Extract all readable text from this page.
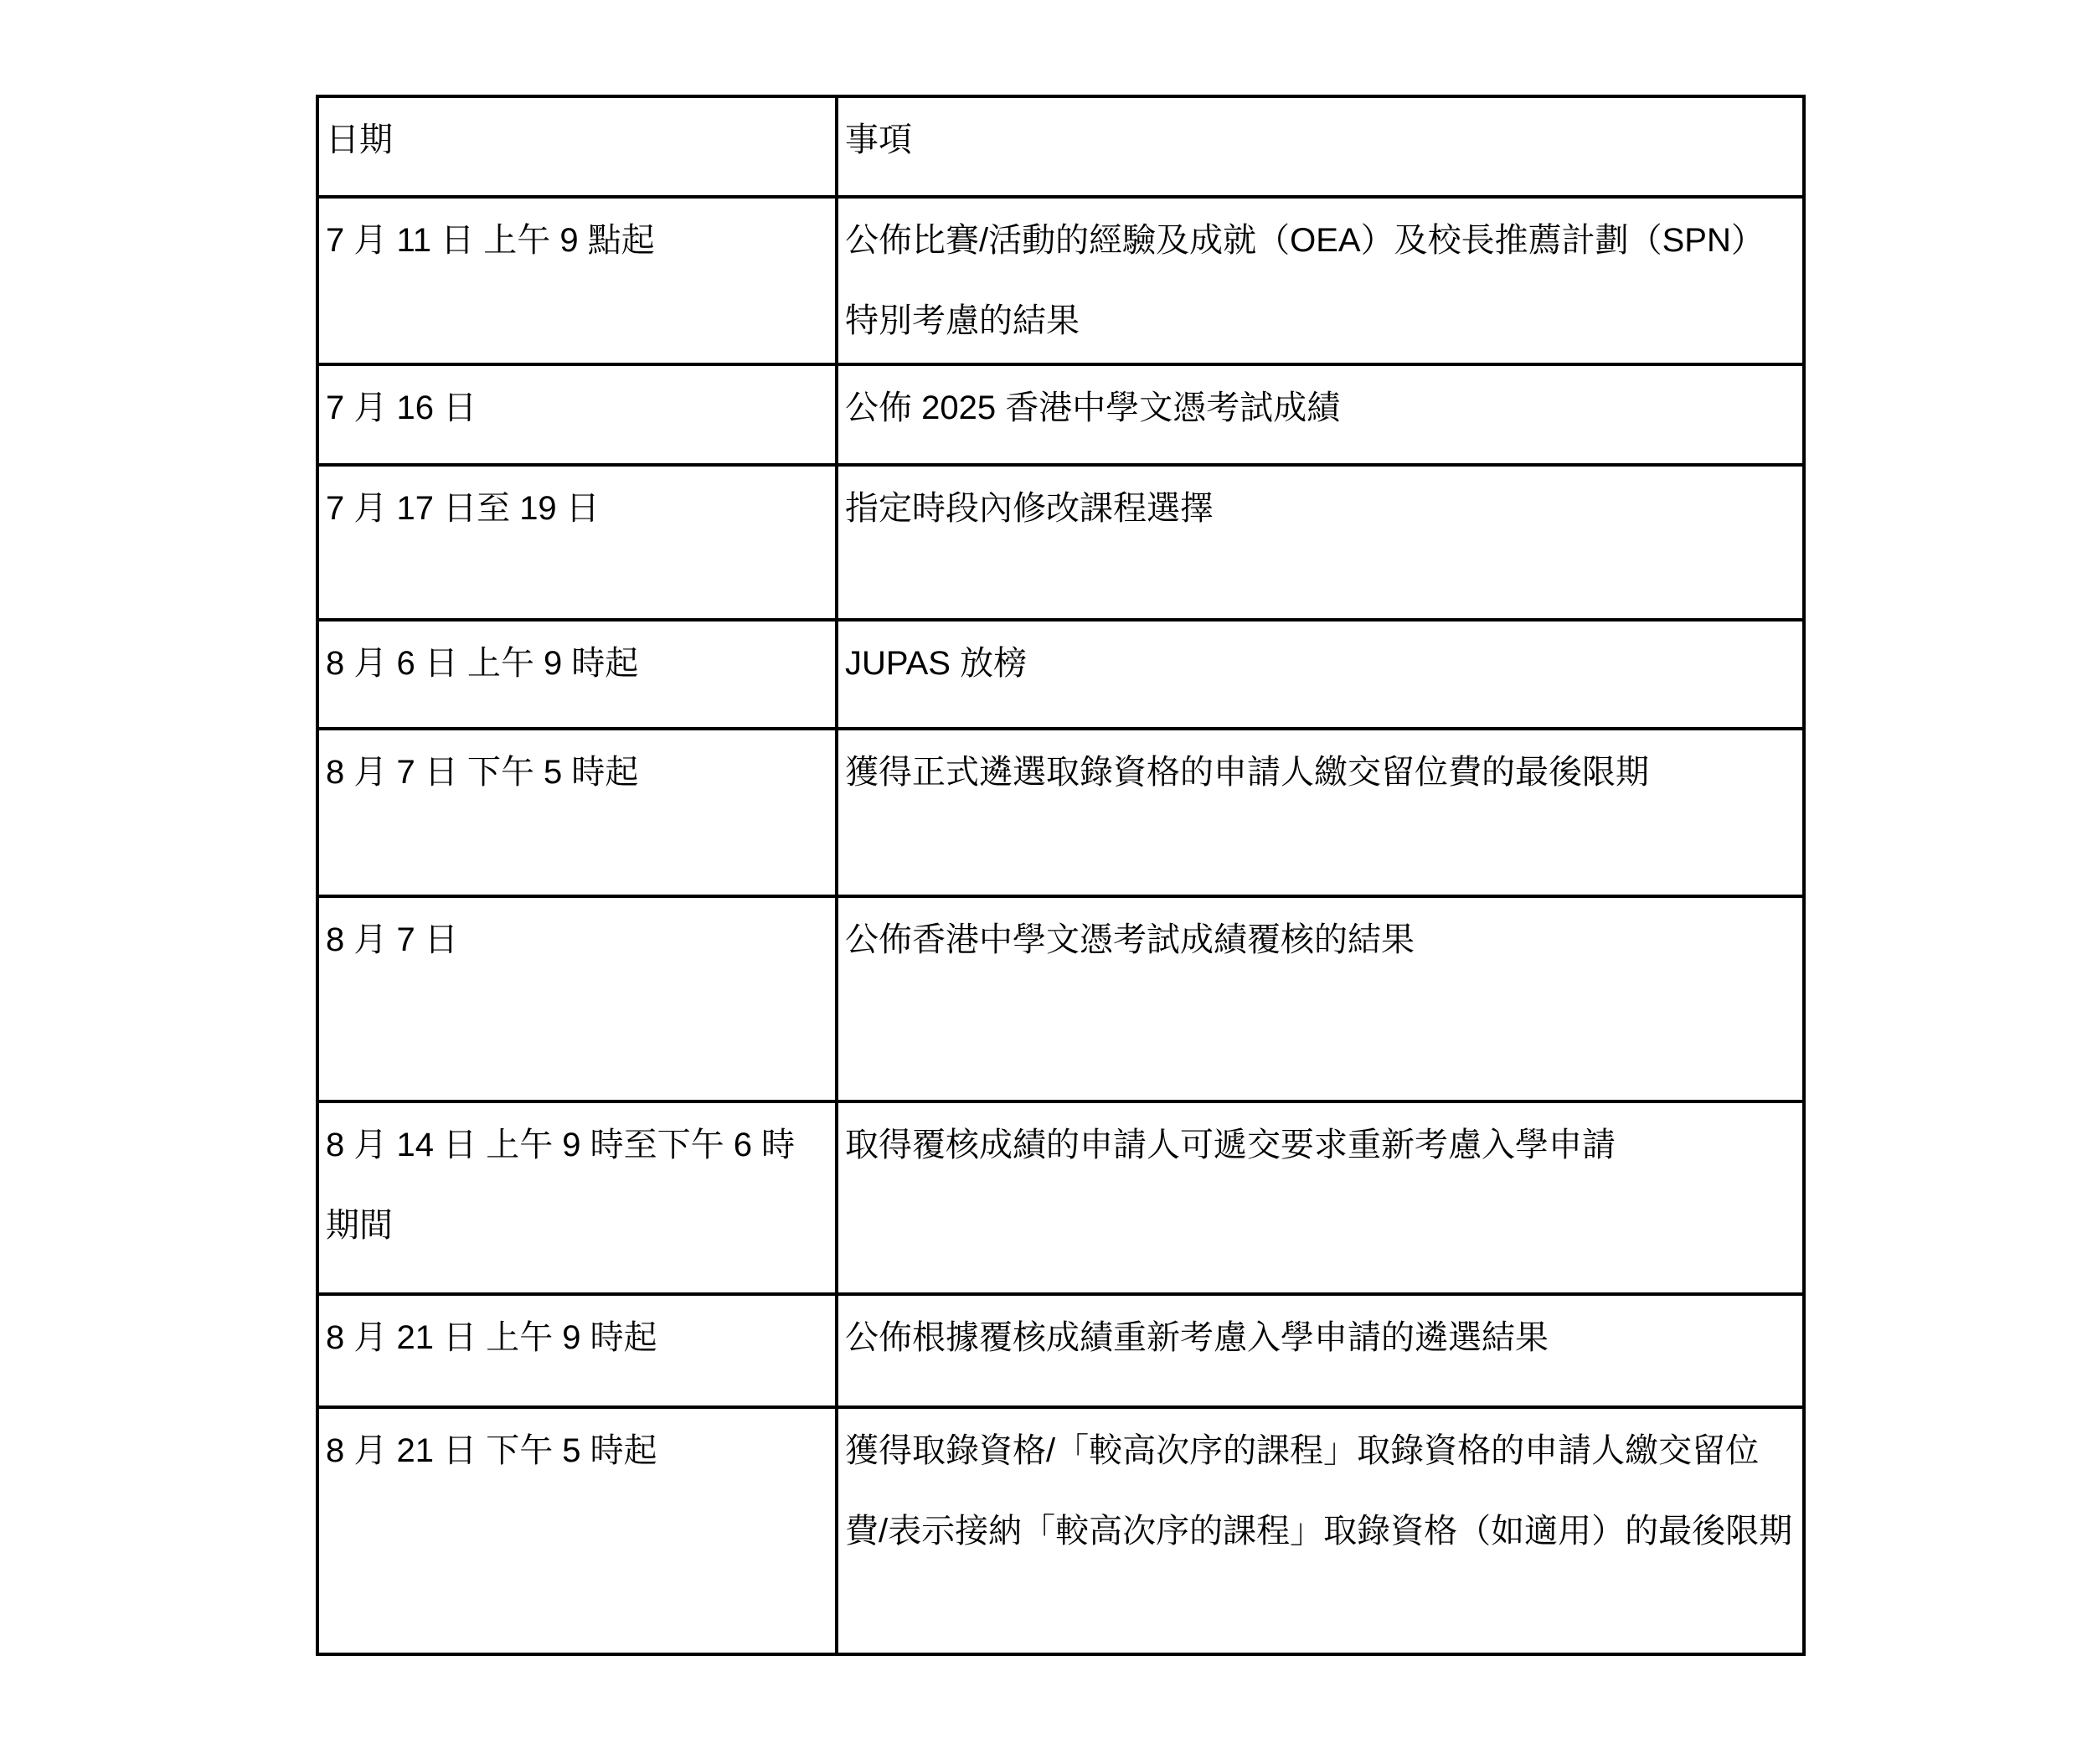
日期	事項
7 月 11 日 上午 9 點起	公佈比賽/活動的經驗及成就（OEA）及校長推薦計劃（SPN）特別考慮的結果
7 月 16 日	公佈 2025 香港中學文憑考試成績
7 月 17 日至 19 日	指定時段內修改課程選擇
8 月 6 日 上午 9 時起	JUPAS 放榜
8 月 7 日 下午 5 時起	獲得正式遴選取錄資格的申請人繳交留位費的最後限期
8 月 7 日	公佈香港中學文憑考試成績覆核的結果
8 月 14 日 上午 9 時至下午 6 時期間	取得覆核成績的申請人可遞交要求重新考慮入學申請
8 月 21 日 上午 9 時起	公佈根據覆核成績重新考慮入學申請的遴選結果
8 月 21 日 下午 5 時起	獲得取錄資格/「較高次序的課程」取錄資格的申請人繳交留位費/表示接納「較高次序的課程」取錄資格（如適用）的最後限期
